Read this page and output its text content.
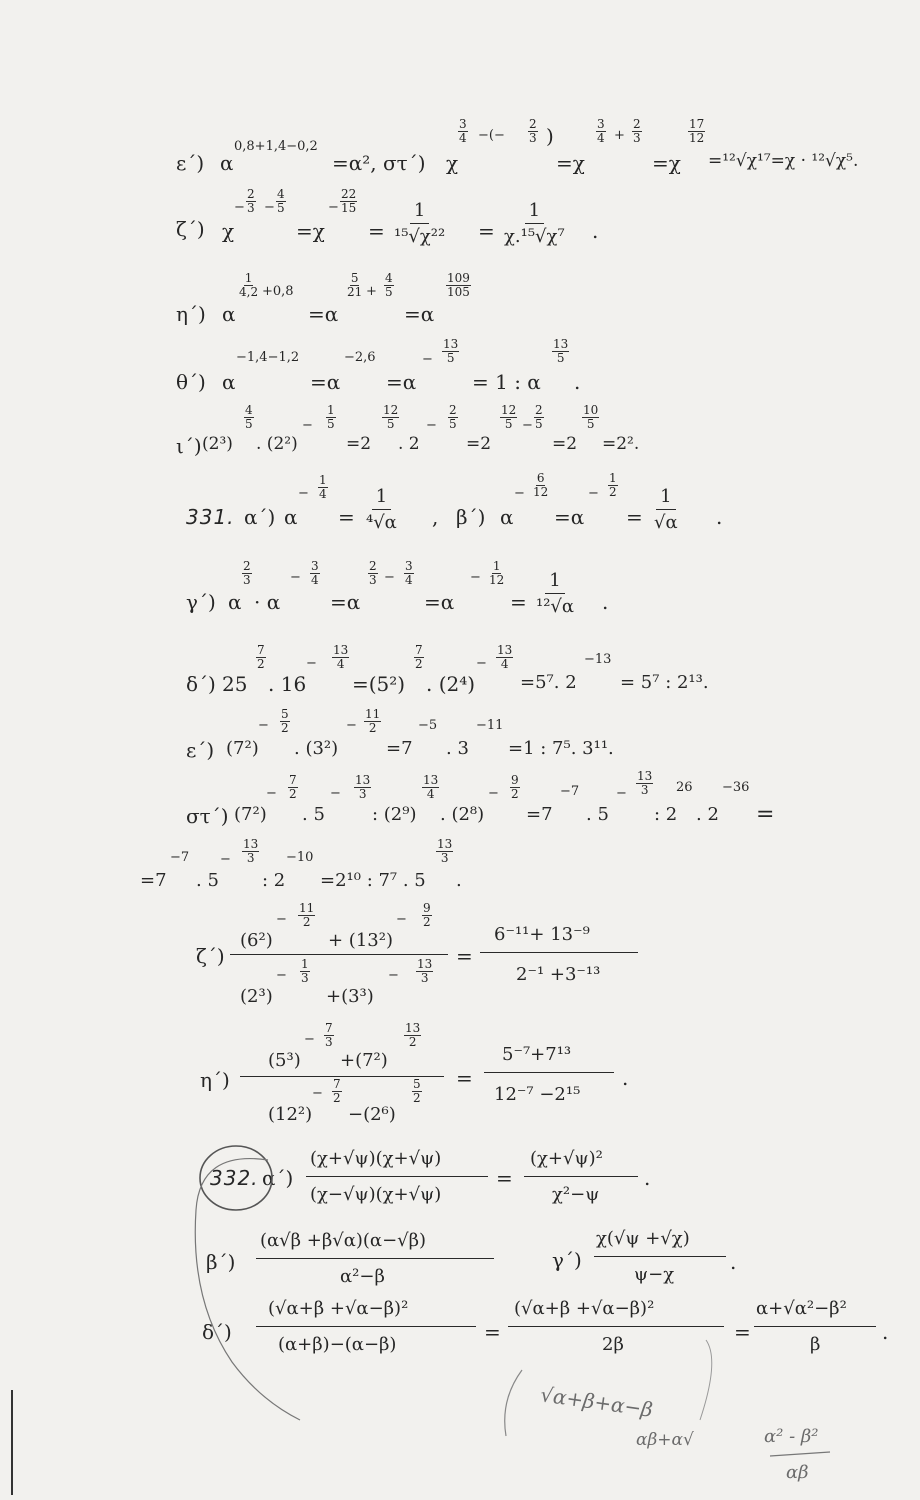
ε΄) α
0,8+1,4−0,2
=α², στ΄) χ
3
4 −(−
2
3 )
=χ
3
4 +
2
3
=χ
17
12
=¹²√χ¹⁷=χ · ¹²√χ⁵.
ζ΄) χ
−
2
3 −
4
5
=χ
−
22
15
= $\frac{1}{\text{¹⁵√χ²²}} = \frac{1}{\text{χ.¹⁵√χ⁷}}$ .
η΄) α
1
4,2 +0,8
=α
5
21 +
4
5
=α
109
105
θ΄) α
−1,4−1,2
=α
−2,6
=α
−
13
5
= 1 : α
13
5
.
ι΄) (2³)
4
5
. (2²)
−
1
5
=2
12
5
. 2
−
2
5
=2
12
5 −
2
5
=2
10
5
=2².
331. α΄) α
−
1
4
= $\frac{1}{\text{⁴√α}}$ , β΄) α
−
6
12
=α
−
1
2
= $\frac{1}{√\alpha}$ .
γ΄) α
2
3
· α
−
3
4
=α
2
3 −
3
4
=α
−
1
12
= $\frac{1}{\text{¹²√α}}$ .
δ΄) 25
7
2
. 16
−
13
4
=(5²)
7
2
. (2⁴)
−
13
4
=5⁷. 2
−13
= 5⁷ : 2¹³.
ε΄) (7²)
−
5
2
. (3²)
−
11
2
=7
−5
. 3
−11
=1 : 7⁵. 3¹¹.
στ΄) (7²)
−
7
2
. 5
−
13
3
: (2⁹)
13
4
. (2⁸)
−
9
2
=7
−7
. 5
−
13
3
: 2
26
. 2
−36
=
=7
−7
. 5
−
13
3
: 2
−10
=2¹⁰ : 7⁷ . 5
13
3
.
ζ΄)
(6²)
−
11
2
+ (13²)
−
9
2
(2³)
−
1
3
+(3³)
−
13
3
=
6⁻¹¹+ 13⁻⁹
2⁻¹ +3⁻¹³
η΄)
(5³)
−
7
3
+(7²)
13
2
(12²)
−
7
2
−(2⁶)
5
2
=
5⁻⁷+7¹³
12⁻⁷ −2¹⁵
.
332. α΄)
(χ+√ψ)(χ+√ψ)
(χ−√ψ)(χ+√ψ)
=
(χ+√ψ)²
χ²−ψ
.
β΄)
(α√β +β√α)(α−√β)
α²−β
γ΄)
χ(√ψ +√χ)
ψ−χ
.
δ΄)
(√α+β +√α−β)²
(α+β)−(α−β)
=
(√α+β +√α−β)²
2β
=
α+√α²−β²
β
.
√α+β+α−β
αβ+α√	α² - β²
αβ
